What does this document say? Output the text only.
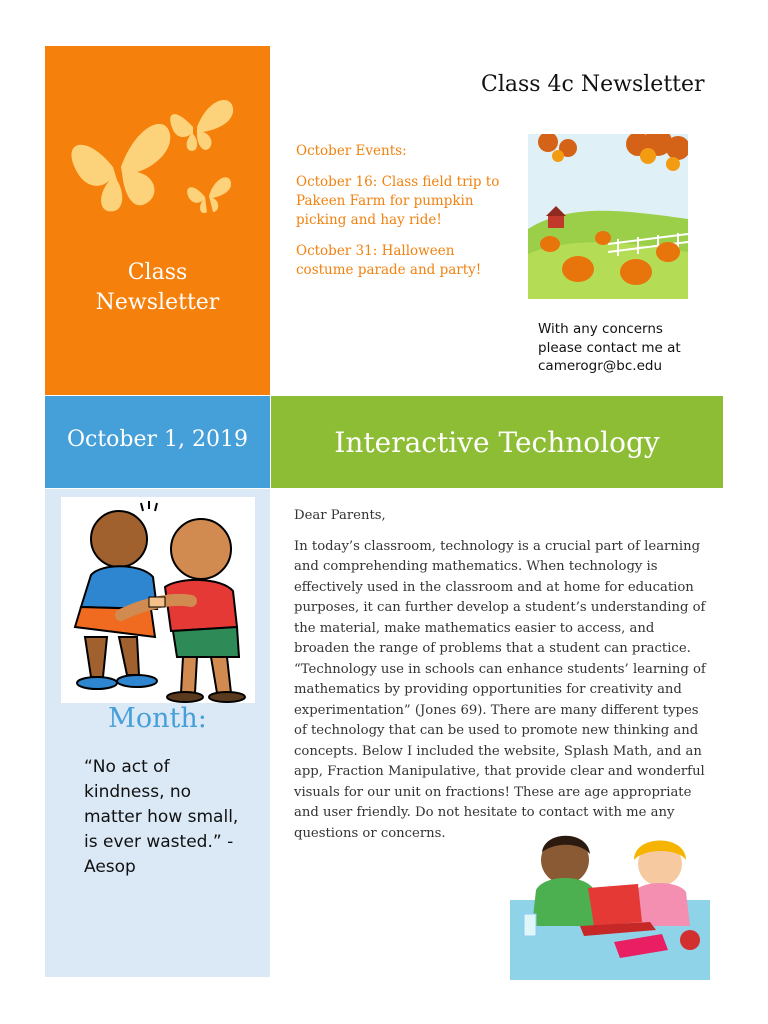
Class
Newsletter
Class 4c Newsletter

October Events:

October 16: Class field trip to Pakeen Farm for pumpkin picking and hay ride!

October 31: Halloween costume parade and party!

With any concerns
please contact me at
camerogr@bc.edu
October 1, 2019	Interactive Technology
Month:
“No act of kindness, no matter how small, is ever wasted.” -Aesop

Dear Parents,

In today’s classroom, technology is a crucial part of learning and comprehending mathematics. When technology is effectively used in the classroom and at home for education purposes, it can further develop a student’s understanding of the material, make mathematics easier to access, and broaden the range of problems that a student can practice. “Technology use in schools can enhance students’ learning of mathematics by providing opportunities for creativity and experimentation” (Jones 69). There are many different types of technology that can be used to promote new thinking and concepts. Below I included the website, Splash Math, and an app, Fraction Manipulative, that provide clear and wonderful visuals for our unit on fractions! These are age appropriate and user friendly. Do not hesitate to contact with me any questions or concerns.
